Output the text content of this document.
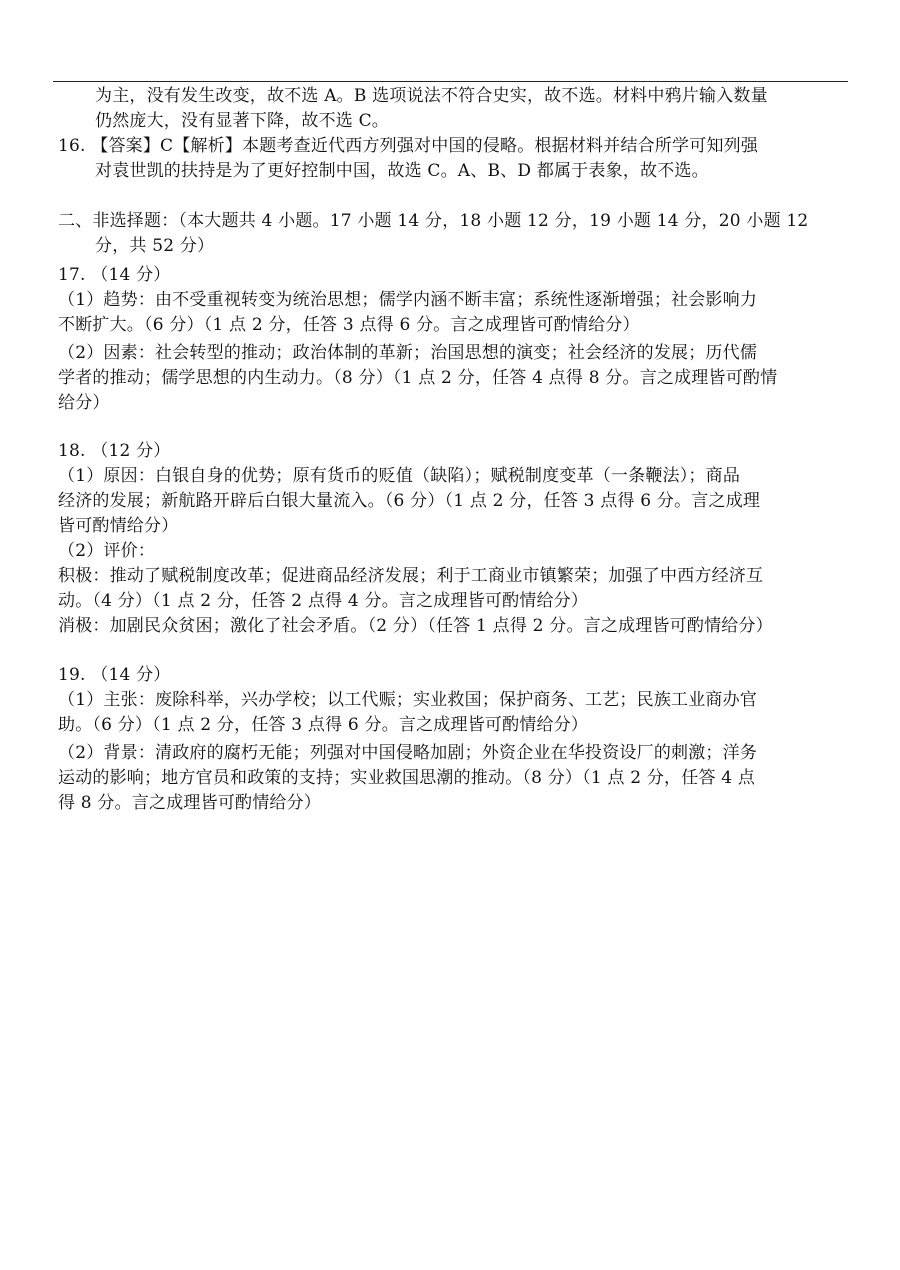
为主，没有发生改变，故不选 A。B 选项说法不符合史实，故不选。材料中鸦片输入数量
仍然庞大，没有显著下降，故不选 C。
16. 【答案】C【解析】本题考查近代西方列强对中国的侵略。根据材料并结合所学可知列强
对袁世凯的扶持是为了更好控制中国，故选 C。A、B、D 都属于表象，故不选。
二、非选择题：（本大题共 4 小题。17 小题 14 分，18 小题 12 分，19 小题 14 分，20 小题 12
分，共 52 分）
17. （14 分）
（1）趋势：由不受重视转变为统治思想；儒学内涵不断丰富；系统性逐渐增强；社会影响力
不断扩大。（6 分）（1 点 2 分，任答 3 点得 6 分。言之成理皆可酌情给分）
（2）因素：社会转型的推动；政治体制的革新；治国思想的演变；社会经济的发展；历代儒
学者的推动；儒学思想的内生动力。（8 分）（1 点 2 分，任答 4 点得 8 分。言之成理皆可酌情
给分）
18. （12 分）
（1）原因：白银自身的优势；原有货币的贬值（缺陷）；赋税制度变革（一条鞭法）；商品
经济的发展；新航路开辟后白银大量流入。（6 分）（1 点 2 分，任答 3 点得 6 分。言之成理
皆可酌情给分）
（2）评价：
积极：推动了赋税制度改革；促进商品经济发展；利于工商业市镇繁荣；加强了中西方经济互
动。（4 分）（1 点 2 分，任答 2 点得 4 分。言之成理皆可酌情给分）
消极：加剧民众贫困；激化了社会矛盾。（2 分）（任答 1 点得 2 分。言之成理皆可酌情给分）
19. （14 分）
（1）主张：废除科举，兴办学校；以工代赈；实业救国；保护商务、工艺；民族工业商办官
助。（6 分）（1 点 2 分，任答 3 点得 6 分。言之成理皆可酌情给分）
（2）背景：清政府的腐朽无能；列强对中国侵略加剧；外资企业在华投资设厂的刺激；洋务
运动的影响；地方官员和政策的支持；实业救国思潮的推动。（8 分）（1 点 2 分，任答 4 点
得 8 分。言之成理皆可酌情给分）
